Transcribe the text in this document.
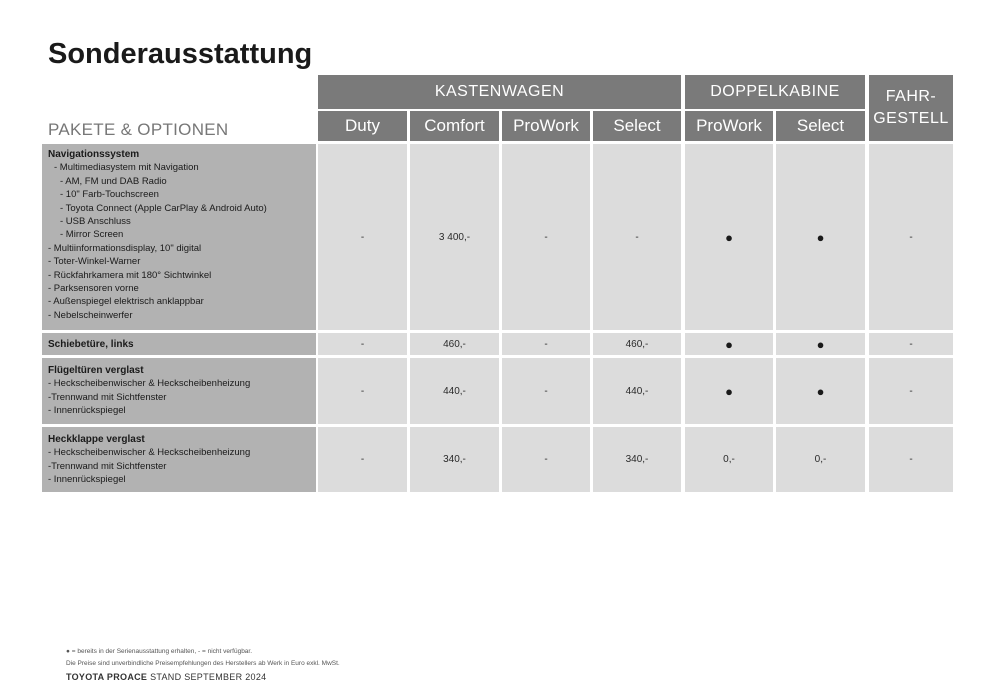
Sonderausstattung
KASTENWAGEN	DOPPELKABINE	FAHR-
GESTELL
Duty	Comfort	ProWork	Select	ProWork	Select
PAKETE & OPTIONEN
Navigationssystem
- Multimediasystem mit Navigation
- AM, FM und DAB Radio
- 10" Farb-Touchscreen
- Toyota Connect (Apple CarPlay & Android Auto)
- USB Anschluss
- Mirror Screen
- Multiinformationsdisplay, 10" digital
- Toter-Winkel-Warner
- Rückfahrkamera mit 180° Sichtwinkel
- Parksensoren vorne
- Außenspiegel elektrisch anklappbar
- Nebelscheinwerfer
-	3 400,-	-	-	●	●	-
Schiebetüre, links	-	460,-	-	460,-	●	●	-
Flügeltüren verglast
- Heckscheibenwischer & Heckscheibenheizung
-Trennwand mit Sichtfenster
- Innenrückspiegel
-	440,-	-	440,-	●	●	-
Heckklappe verglast
- Heckscheibenwischer & Heckscheibenheizung
-Trennwand mit Sichtfenster
- Innenrückspiegel
-	340,-	-	340,-	0,-	0,-	-
● = bereits in der Serienausstattung erhalten, - = nicht verfügbar.
Die Preise sind unverbindliche Preisempfehlungen des Herstellers ab Werk in Euro exkl. MwSt.
TOYOTA PROACE STAND SEPTEMBER 2024
